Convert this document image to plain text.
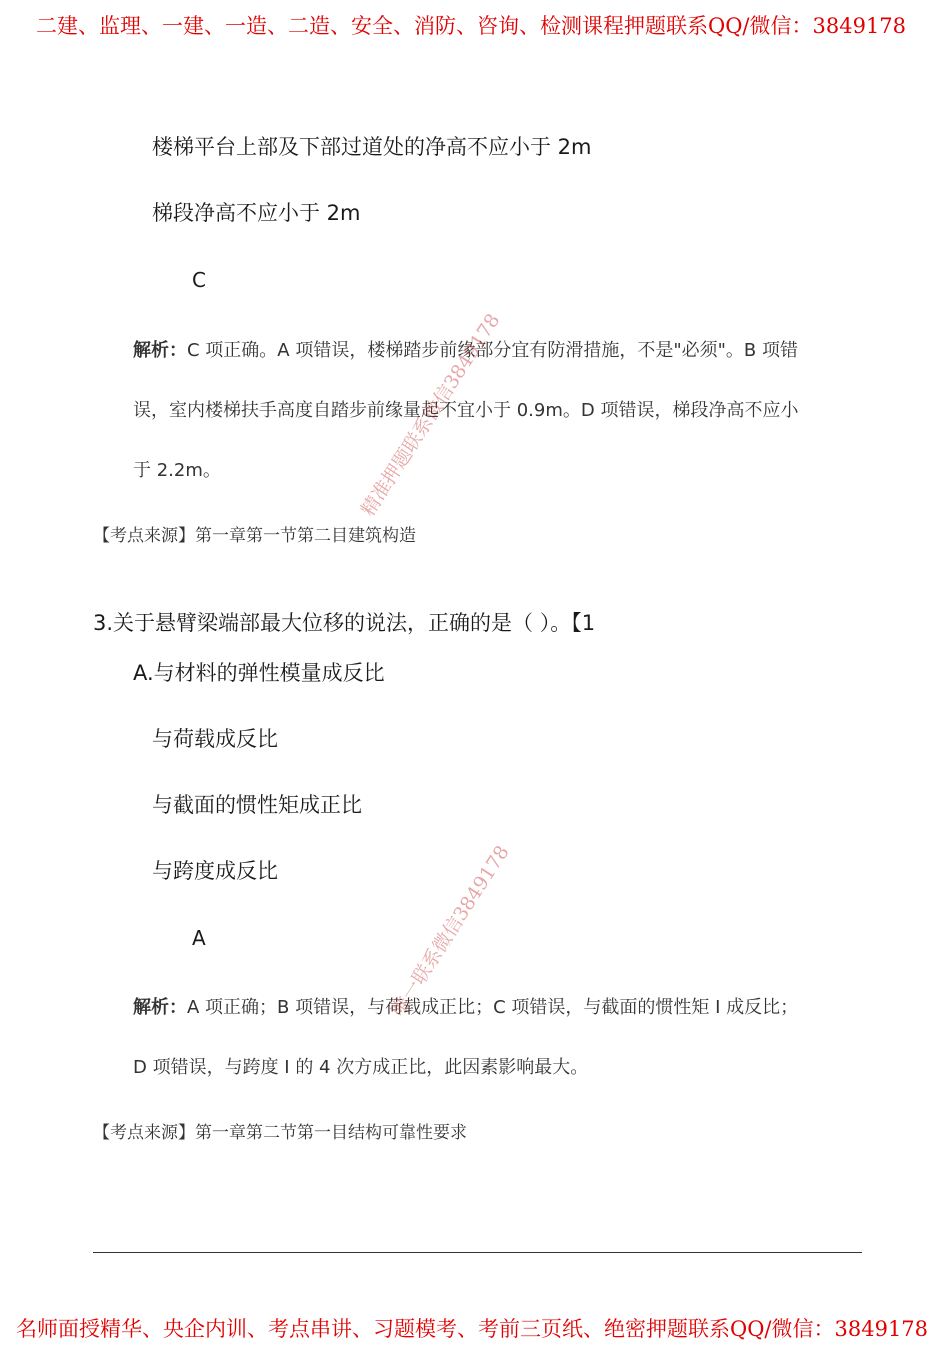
二建、监理、一建、一造、二造、安全、消防、咨询、检测课程押题联系QQ/微信：3849178
楼梯平台上部及下部过道处的净高不应小于 2m
梯段净高不应小于 2m
C
解析：C 项正确。A 项错误，楼梯踏步前缘部分宜有防滑措施，不是"必须"。B 项错
误，室内楼梯扶手高度自踏步前缘量起不宜小于 0.9m。D 项错误，梯段净高不应小
于 2.2m。
【考点来源】第一章第一节第二目建筑构造
3.关于悬臂梁端部最大位移的说法，正确的是（ ）。【1
A.与材料的弹性模量成反比
与荷载成反比
与截面的惯性矩成正比
与跨度成反比
A
解析：A 项正确；B 项错误，与荷载成正比；C 项错误，与截面的惯性矩 I 成反比；
D 项错误，与跨度 I 的 4 次方成正比，此因素影响最大。
【考点来源】第一章第二节第一目结构可靠性要求
精准押题联系微信3849178
唯一联系微信3849178
名师面授精华、央企内训、考点串讲、习题模考、考前三页纸、绝密押题联系QQ/微信：3849178
